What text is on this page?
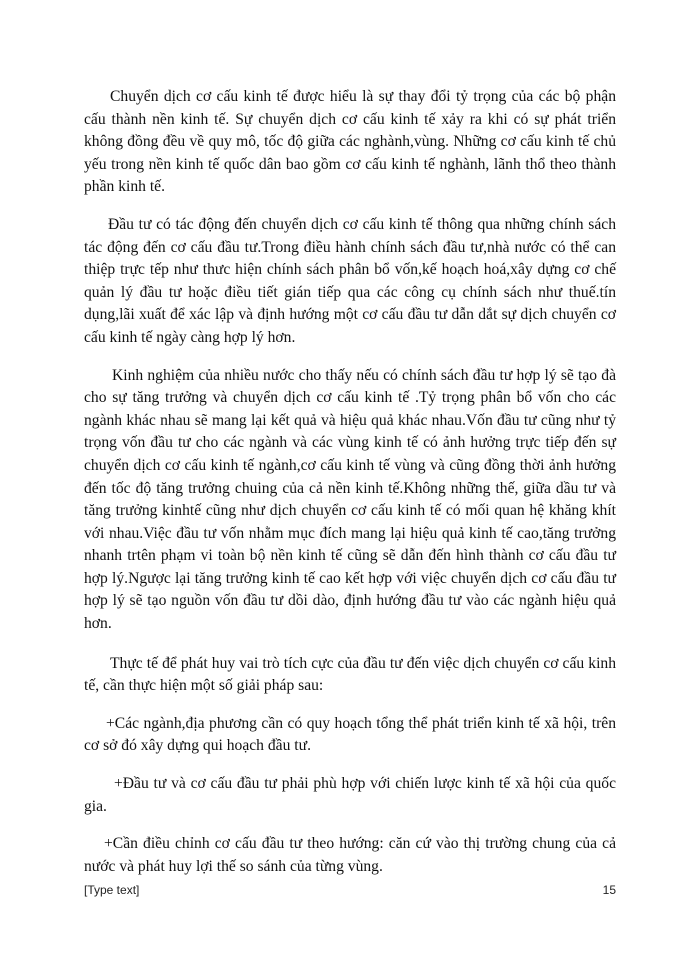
Chuyển dịch cơ cấu kinh tế được hiểu là sự thay đổi tỷ trọng của các bộ phận cấu thành nền kinh tế. Sự chuyển dịch cơ cấu kinh tế xảy ra khi có sự phát triển không đồng đều về quy mô, tốc độ giữa các nghành,vùng. Những cơ cấu kinh tế chủ yếu trong nền kinh tế quốc dân bao gồm cơ cấu kinh tế nghành, lãnh thổ theo thành phần kinh tế.

Đầu tư có tác động đến chuyển dịch cơ cấu kinh tế thông qua những chính sách tác động đến cơ cấu đầu tư.Trong điều hành chính sách đầu tư,nhà nước có thể can thiệp trực tếp như thưc hiện chính sách phân bổ vốn,kế hoạch hoá,xây dựng cơ chế quản lý đầu tư hoặc điều tiết gián tiếp qua các công cụ chính sách như thuế.tín dụng,lãi xuất để xác lập và định hướng một cơ cấu đầu tư dẫn dắt sự dịch chuyển cơ cấu kinh tế ngày càng hợp lý hơn.

Kinh nghiệm của nhiều nước cho thấy nếu có chính sách đầu tư hợp lý sẽ tạo đà cho sự tăng trưởng và chuyển dịch cơ cấu kinh tế .Tỷ trọng phân bổ vốn cho các ngành khác nhau sẽ mang lại kết quả và hiệu quả khác nhau.Vốn đầu tư cũng như tỷ trọng vốn đầu tư cho các ngành và các vùng kinh tế có ảnh hưởng trực tiếp đến sự chuyển dịch cơ cấu kinh tế ngành,cơ cấu kinh tế vùng và cũng đồng thời ảnh hưởng đến tốc độ tăng trưởng chuing của cả nền kinh tế.Không những thế, giữa dầu tư và tăng trưởng kinhtế cũng như dịch chuyển cơ cấu kinh tế có mối quan hệ khăng khít với nhau.Việc đầu tư vốn nhằm mục đích mang lại hiệu quả kinh tế cao,tăng trưởng nhanh trtên phạm vi toàn bộ nền kinh tế cũng sẽ dẫn đến hình thành cơ cấu đầu tư hợp lý.Ngược lại tăng trưởng kinh tế cao kết hợp với việc chuyển dịch cơ cấu đầu tư hợp lý sẽ tạo nguồn vốn đầu tư dồi dào, định hướng đầu tư vào các ngành hiệu quả hơn.

Thực tế để phát huy vai trò tích cực của đầu tư đến việc dịch chuyển cơ cấu kinh tế, cần thực hiện một số giải pháp sau:

+Các ngành,địa phương cần có quy hoạch tổng thể phát triển kinh tế xã hội, trên cơ sở đó xây dựng qui hoạch đầu tư.

+Đầu tư và cơ cấu đầu tư phải phù hợp với chiến lược kinh tế xã hội của quốc gia.

+Cần điều chỉnh cơ cấu đầu tư theo hướng: căn cứ vào thị trường chung của cả nước và phát huy lợi thế so sánh của từng vùng.

[Type text]	15
